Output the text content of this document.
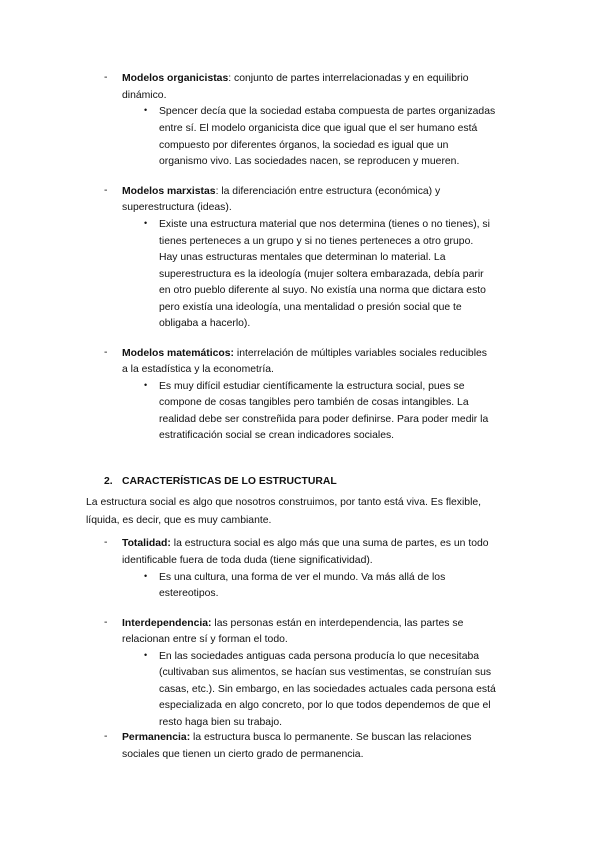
- Modelos organicistas: conjunto de partes interrelacionadas y en equilibrio
dinámico.
• Spencer decía que la sociedad estaba compuesta de partes organizadas
entre sí. El modelo organicista dice que igual que el ser humano está
compuesto por diferentes órganos, la sociedad es igual que un
organismo vivo. Las sociedades nacen, se reproducen y mueren.
- Modelos marxistas: la diferenciación entre estructura (económica) y
superestructura (ideas).
• Existe una estructura material que nos determina (tienes o no tienes), si
tienes perteneces a un grupo y si no tienes perteneces a otro grupo.
Hay unas estructuras mentales que determinan lo material. La
superestructura es la ideología (mujer soltera embarazada, debía parir
en otro pueblo diferente al suyo. No existía una norma que dictara esto
pero existía una ideología, una mentalidad o presión social que te
obligaba a hacerlo).
- Modelos matemáticos: interrelación de múltiples variables sociales reducibles
a la estadística y la econometría.
• Es muy difícil estudiar científicamente la estructura social, pues se
compone de cosas tangibles pero también de cosas intangibles. La
realidad debe ser constreñida para poder definirse. Para poder medir la
estratificación social se crean indicadores sociales.
2. CARACTERÍSTICAS DE LO ESTRUCTURAL
La estructura social es algo que nosotros construimos, por tanto está viva. Es flexible,
líquida, es decir, que es muy cambiante.
- Totalidad: la estructura social es algo más que una suma de partes, es un todo
identificable fuera de toda duda (tiene significatividad).
• Es una cultura, una forma de ver el mundo. Va más allá de los
estereotipos.
- Interdependencia: las personas están en interdependencia, las partes se
relacionan entre sí y forman el todo.
• En las sociedades antiguas cada persona producía lo que necesitaba
(cultivaban sus alimentos, se hacían sus vestimentas, se construían sus
casas, etc.). Sin embargo, en las sociedades actuales cada persona está
especializada en algo concreto, por lo que todos dependemos de que el
resto haga bien su trabajo.
- Permanencia: la estructura busca lo permanente. Se buscan las relaciones
sociales que tienen un cierto grado de permanencia.
